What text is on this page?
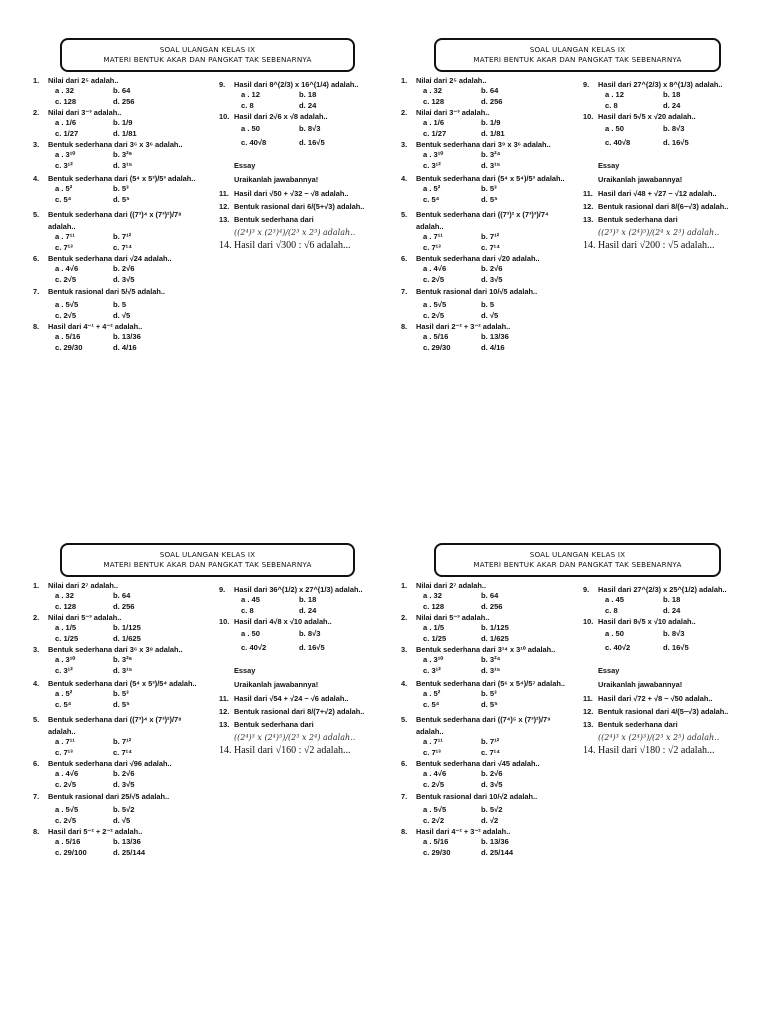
SOAL ULANGAN KELAS IX
MATERI BENTUK AKAR DAN PANGKAT TAK SEBENARNYA
1. Nilai dari 2⁵ adalah..
a . 32	b. 64
c. 128	d. 256
2. Nilai dari 3⁻³ adalah..
a . 1/6	b. 1/9
c. 1/27	d. 1/81
3. Bentuk sederhana dari 3⁶ x 3⁶ adalah..
a . 3¹⁰	b. 3²⁶
c. 3¹²	d. 3¹⁵
4. Bentuk sederhana dari (5⁴ x 5³)/5³ adalah..
a . 5²	b. 5³
c. 5⁴	d. 5⁵
5. Bentuk sederhana dari ((7³)⁴ x (7³)²)/7⁸
adalah..
a . 7¹¹	b. 7¹²
c. 7¹³	c. 7¹⁴
6. Bentuk sederhana dari √24 adalah..
a . 4√6	b. 2√6
c. 2√5	d. 3√5
7. Bentuk rasional dari 5/√5 adalah..
a . 5√5	b. 5
c. 2√5	d. √5
8. Hasil dari 4⁻¹ + 4⁻² adalah..
a . 5/16	b. 13/36
c. 29/30	d. 4/16
9. Hasil dari 8^(2/3) x 16^(1/4) adalah..
a . 12	b. 18
c. 8	d. 24
10. Hasil dari 2√6 x √8 adalah..
a . 50	b. 8√3
c. 40√8	d. 16√5
Essay
Uraikanlah jawabannya!
11. Hasil dari √50 + √32 − √8 adalah..
12. Bentuk rasional dari 6/(5+√3) adalah..
13. Bentuk sederhana dari
((2⁴)³ x (2³)⁴)/(2³ x 2³) adalah..
14. Hasil dari √300 : √6 adalah...
SOAL ULANGAN KELAS IX
MATERI BENTUK AKAR DAN PANGKAT TAK SEBENARNYA
1. Nilai dari 2⁵ adalah..
a . 32	b. 64
c. 128	d. 256
2. Nilai dari 3⁻³ adalah..
a . 1/6	b. 1/9
c. 1/27	d. 1/81
3. Bentuk sederhana dari 3⁹ x 3⁶ adalah..
a . 3¹⁰	b. 3²⁴
c. 3¹²	d. 3¹⁵
4. Bentuk sederhana dari (5⁴ x 5⁴)/5³ adalah..
a . 5²	b. 5³
c. 5⁴	d. 5⁵
5. Bentuk sederhana dari ((7³)² x (7³)³)/7⁴
adalah..
a . 7¹¹	b. 7¹²
c. 7¹³	c. 7¹⁴
6. Bentuk sederhana dari √20 adalah..
a . 4√6	b. 2√6
c. 2√5	d. 3√5
7. Bentuk rasional dari 10/√5 adalah..
a . 5√5	b. 5
c. 2√5	d. √5
8. Hasil dari 2⁻² + 3⁻² adalah..
a . 5/16	b. 13/36
c. 29/30	d. 4/16
9. Hasil dari 27^(2/3) x 8^(1/3) adalah..
a . 12	b. 18
c. 8	d. 24
10. Hasil dari 5√5 x √20 adalah..
a . 50	b. 8√3
c. 40√8	d. 16√5
Essay
Uraikanlah jawabannya!
11. Hasil dari √48 + √27 − √12 adalah..
12. Bentuk rasional dari 8/(6−√3) adalah..
13. Bentuk sederhana dari
((2³)³ x (2⁴)⁵)/(2⁴ x 2³) adalah..
14. Hasil dari √200 : √5 adalah...
SOAL ULANGAN KELAS IX
MATERI BENTUK AKAR DAN PANGKAT TAK SEBENARNYA
1. Nilai dari 2⁷ adalah..
a . 32	b. 64
c. 128	d. 256
2. Nilai dari 5⁻³ adalah..
a . 1/5	b. 1/125
c. 1/25	d. 1/625
3. Bentuk sederhana dari 3⁶ x 3⁸ adalah..
a . 3¹⁰	b. 3²⁶
c. 3¹²	d. 3¹⁵
4. Bentuk sederhana dari (5⁴ x 5³)/5⁴ adalah..
a . 5²	b. 5³
c. 5⁴	d. 5⁵
5. Bentuk sederhana dari ((7³)⁴ x (7³)²)/7⁸
adalah..
a . 7¹¹	b. 7¹²
c. 7¹³	c. 7¹⁴
6. Bentuk sederhana dari √96 adalah..
a . 4√6	b. 2√6
c. 2√5	d. 3√5
7. Bentuk rasional dari 25/√5 adalah..
a . 5√5	b. 5√2
c. 2√5	d. √5
8. Hasil dari 5⁻² + 2⁻² adalah..
a . 5/16	b. 13/36
c. 29/100	d. 25/144
9. Hasil dari 36^(1/2) x 27^(1/3) adalah..
a . 45	b. 18
c. 8	d. 24
10. Hasil dari 4√8 x √10 adalah..
a . 50	b. 8√3
c. 40√2	d. 16√5
Essay
Uraikanlah jawabannya!
11. Hasil dari √54 + √24 − √6 adalah..
12. Bentuk rasional dari 8/(7+√2) adalah..
13. Bentuk sederhana dari
((2⁴)³ x (2⁴)⁵)/(2³ x 2⁴) adalah..
14. Hasil dari √160 : √2 adalah...
SOAL ULANGAN KELAS IX
MATERI BENTUK AKAR DAN PANGKAT TAK SEBENARNYA
1. Nilai dari 2⁷ adalah..
a . 32	b. 64
c. 128	d. 256
2. Nilai dari 5⁻³ adalah..
a . 1/5	b. 1/125
c. 1/25	d. 1/625
3. Bentuk sederhana dari 3¹⁴ x 3¹⁰ adalah..
a . 3¹⁰	b. 3²⁴
c. 3¹²	d. 3¹⁵
4. Bentuk sederhana dari (5⁶ x 5⁴)/5⁷ adalah..
a . 5²	b. 5³
c. 5⁴	d. 5⁵
5. Bentuk sederhana dari ((7⁴)⁵ x (7³)²)/7⁹
adalah..
a . 7¹¹	b. 7¹²
c. 7¹³	c. 7¹⁴
6. Bentuk sederhana dari √45 adalah..
a . 4√6	b. 2√6
c. 2√5	d. 3√5
7. Bentuk rasional dari 10/√2 adalah..
a . 5√5	b. 5√2
c. 2√2	d. √2
8. Hasil dari 4⁻² + 3⁻² adalah..
a . 5/16	b. 13/36
c. 29/30	d. 25/144
9. Hasil dari 27^(2/3) x 25^(1/2) adalah..
a . 45	b. 18
c. 8	d. 24
10. Hasil dari 8√5 x √10 adalah..
a . 50	b. 8√3
c. 40√2	d. 16√5
Essay
Uraikanlah jawabannya!
11. Hasil dari √72 + √8 − √50 adalah..
12. Bentuk rasional dari 4/(5−√3) adalah..
13. Bentuk sederhana dari
((2⁴)³ x (2⁴)³)/(2³ x 2⁵) adalah..
14. Hasil dari √180 : √2 adalah...
